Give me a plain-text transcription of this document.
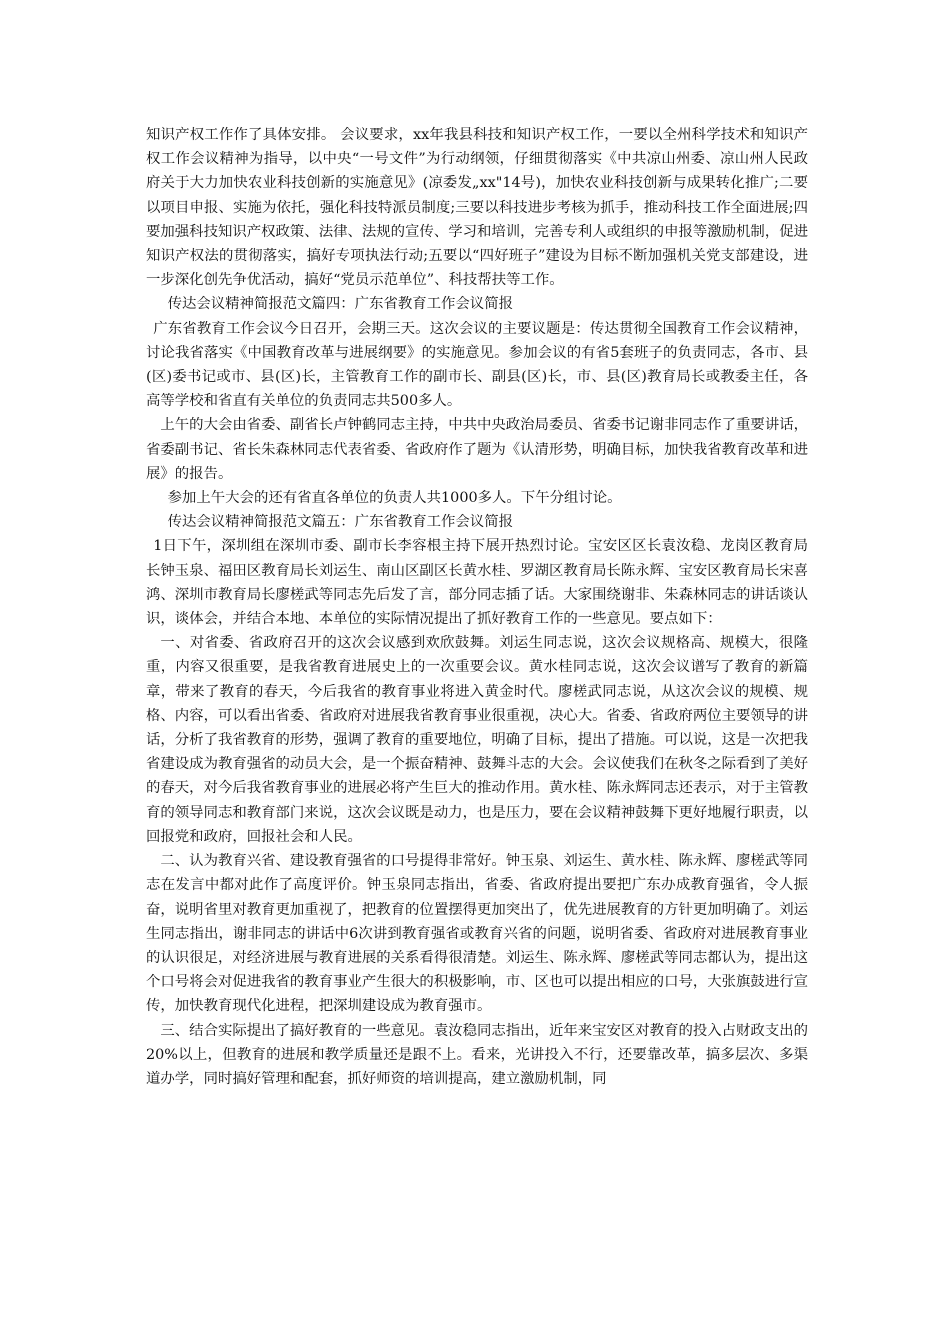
知识产权工作作了具体安排。 会议要求，xx年我县科技和知识产权工作，一要以全州科学技术和知识产权工作会议精神为指导，以中央“一号文件”为行动纲领，仔细贯彻落实《中共凉山州委、凉山州人民政府关于大力加快农业科技创新的实施意见》(凉委发„xx"14号)，加快农业科技创新与成果转化推广;二要以项目申报、实施为依托，强化科技特派员制度;三要以科技进步考核为抓手，推动科技工作全面进展;四要加强科技知识产权政策、法律、法规的宣传、学习和培训，完善专利人或组织的申报等激励机制，促进知识产权法的贯彻落实，搞好专项执法行动;五要以“四好班子”建设为目标不断加强机关党支部建设，进一步深化创先争优活动，搞好“党员示范单位”、科技帮扶等工作。

传达会议精神简报范文篇四：广东省教育工作会议简报

广东省教育工作会议今日召开，会期三天。这次会议的主要议题是：传达贯彻全国教育工作会议精神，讨论我省落实《中国教育改革与进展纲要》的实施意见。参加会议的有省5套班子的负责同志，各市、县(区)委书记或市、县(区)长，主管教育工作的副市长、副县(区)长，市、县(区)教育局长或教委主任，各高等学校和省直有关单位的负责同志共500多人。

上午的大会由省委、副省长卢钟鹤同志主持，中共中央政治局委员、省委书记谢非同志作了重要讲话，省委副书记、省长朱森林同志代表省委、省政府作了题为《认清形势，明确目标，加快我省教育改革和进展》的报告。

参加上午大会的还有省直各单位的负责人共1000多人。下午分组讨论。

传达会议精神简报范文篇五：广东省教育工作会议简报

1日下午，深圳组在深圳市委、副市长李容根主持下展开热烈讨论。宝安区区长袁汝稳、龙岗区教育局长钟玉泉、福田区教育局长刘运生、南山区副区长黄水桂、罗湖区教育局长陈永辉、宝安区教育局长宋喜鸿、深圳市教育局长廖槎武等同志先后发了言，部分同志插了话。大家围绕谢非、朱森林同志的讲话谈认识，谈体会，并结合本地、本单位的实际情况提出了抓好教育工作的一些意见。要点如下：

一、对省委、省政府召开的这次会议感到欢欣鼓舞。刘运生同志说，这次会议规格高、规模大，很隆重，内容又很重要，是我省教育进展史上的一次重要会议。黄水桂同志说，这次会议谱写了教育的新篇章，带来了教育的春天，今后我省的教育事业将进入黄金时代。廖槎武同志说，从这次会议的规模、规格、内容，可以看出省委、省政府对进展我省教育事业很重视，决心大。省委、省政府两位主要领导的讲话，分析了我省教育的形势，强调了教育的重要地位，明确了目标，提出了措施。可以说，这是一次把我省建设成为教育强省的动员大会，是一个振奋精神、鼓舞斗志的大会。会议使我们在秋冬之际看到了美好的春天，对今后我省教育事业的进展必将产生巨大的推动作用。黄水桂、陈永辉同志还表示，对于主管教育的领导同志和教育部门来说，这次会议既是动力，也是压力，要在会议精神鼓舞下更好地履行职责，以回报党和政府，回报社会和人民。

二、认为教育兴省、建设教育强省的口号提得非常好。钟玉泉、刘运生、黄水桂、陈永辉、廖槎武等同志在发言中都对此作了高度评价。钟玉泉同志指出，省委、省政府提出要把广东办成教育强省，令人振奋，说明省里对教育更加重视了，把教育的位置摆得更加突出了，优先进展教育的方针更加明确了。刘运生同志指出，谢非同志的讲话中6次讲到教育强省或教育兴省的问题，说明省委、省政府对进展教育事业的认识很足，对经济进展与教育进展的关系看得很清楚。刘运生、陈永辉、廖槎武等同志都认为，提出这个口号将会对促进我省的教育事业产生很大的积极影响，市、区也可以提出相应的口号，大张旗鼓进行宣传，加快教育现代化进程，把深圳建设成为教育强市。

三、结合实际提出了搞好教育的一些意见。袁汝稳同志指出，近年来宝安区对教育的投入占财政支出的20%以上，但教育的进展和教学质量还是跟不上。看来，光讲投入不行，还要靠改革，搞多层次、多渠道办学，同时搞好管理和配套，抓好师资的培训提高，建立激励机制，同
